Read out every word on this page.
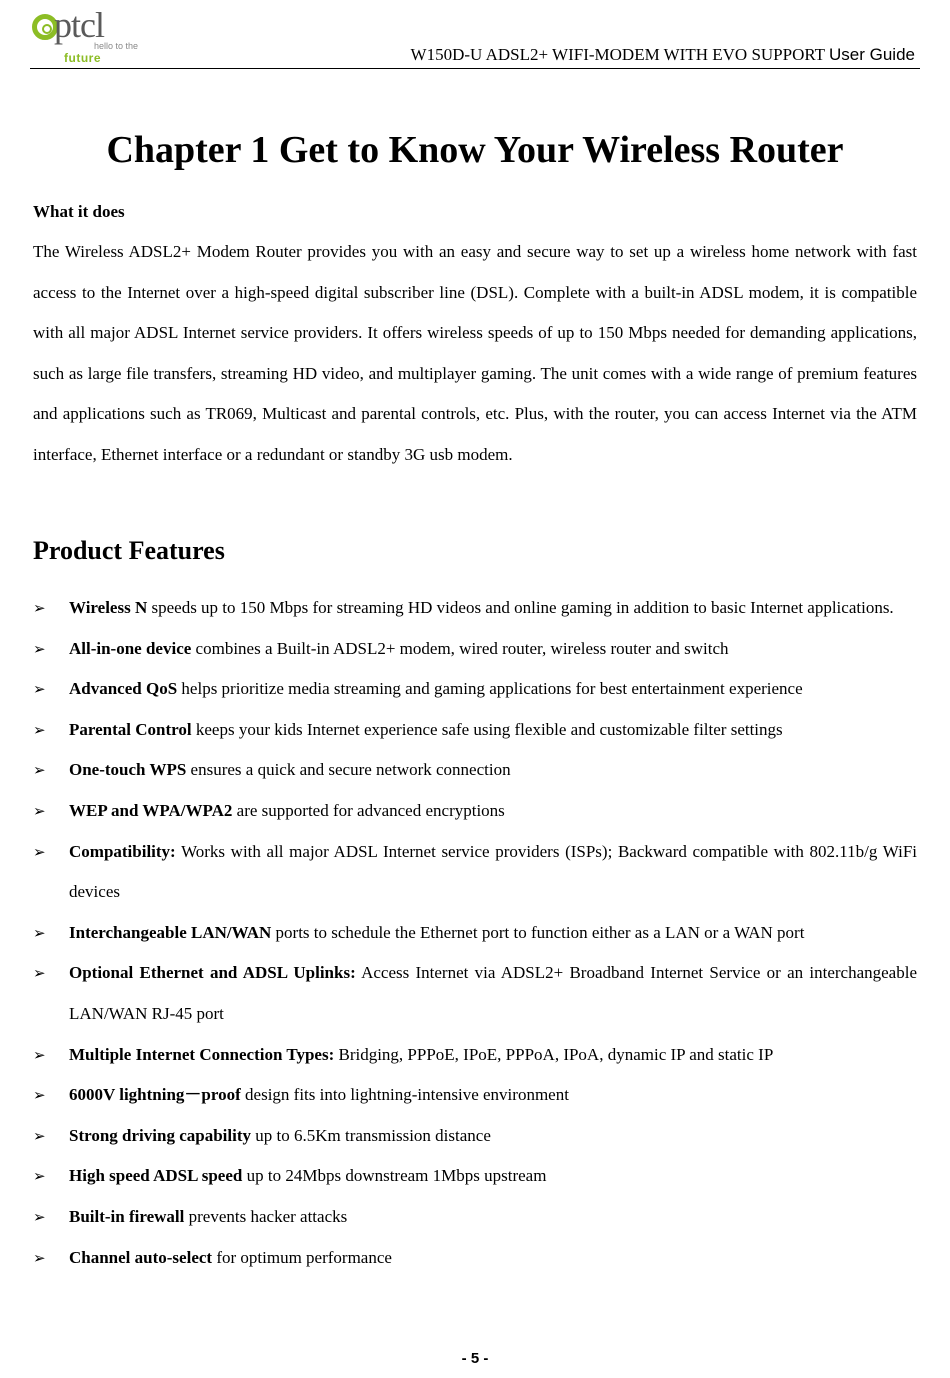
ptcl
hello to the
future	W150D-U ADSL2+ WIFI-MODEM WITH EVO SUPPORT User Guide
Chapter 1 Get to Know Your Wireless Router
What it does

The Wireless ADSL2+ Modem Router provides you with an easy and secure way to set up a wireless home network with fast access to the Internet over a high-speed digital subscriber line (DSL). Complete with a built-in ADSL modem, it is compatible with all major ADSL Internet service providers. It offers wireless speeds of up to 150 Mbps needed for demanding applications, such as large file transfers, streaming HD video, and multiplayer gaming. The unit comes with a wide range of premium features and applications such as TR069, Multicast and parental controls, etc. Plus, with the router, you can access Internet via the ATM interface, Ethernet interface or a redundant or standby 3G usb modem.

Product Features
➢ Wireless N speeds up to 150 Mbps for streaming HD videos and online gaming in addition to basic Internet applications.
➢ All-in-one device combines a Built-in ADSL2+ modem, wired router, wireless router and switch
➢ Advanced QoS helps prioritize media streaming and gaming applications for best entertainment experience
➢ Parental Control keeps your kids Internet experience safe using flexible and customizable filter settings
➢ One-touch WPS ensures a quick and secure network connection
➢ WEP and WPA/WPA2 are supported for advanced encryptions
➢ Compatibility: Works with all major ADSL Internet service providers (ISPs); Backward compatible with 802.11b/g WiFi devices
➢ Interchangeable LAN/WAN ports to schedule the Ethernet port to function either as a LAN or a WAN port
➢ Optional Ethernet and ADSL Uplinks: Access Internet via ADSL2+ Broadband Internet Service or an interchangeable LAN/WAN RJ-45 port
➢ Multiple Internet Connection Types: Bridging, PPPoE, IPoE, PPPoA, IPoA, dynamic IP and static IP
➢ 6000V lightning－proof design fits into lightning-intensive environment
➢ Strong driving capability up to 6.5Km transmission distance
➢ High speed ADSL speed up to 24Mbps downstream 1Mbps upstream
➢ Built-in firewall prevents hacker attacks
➢ Channel auto-select for optimum performance
- 5 -
